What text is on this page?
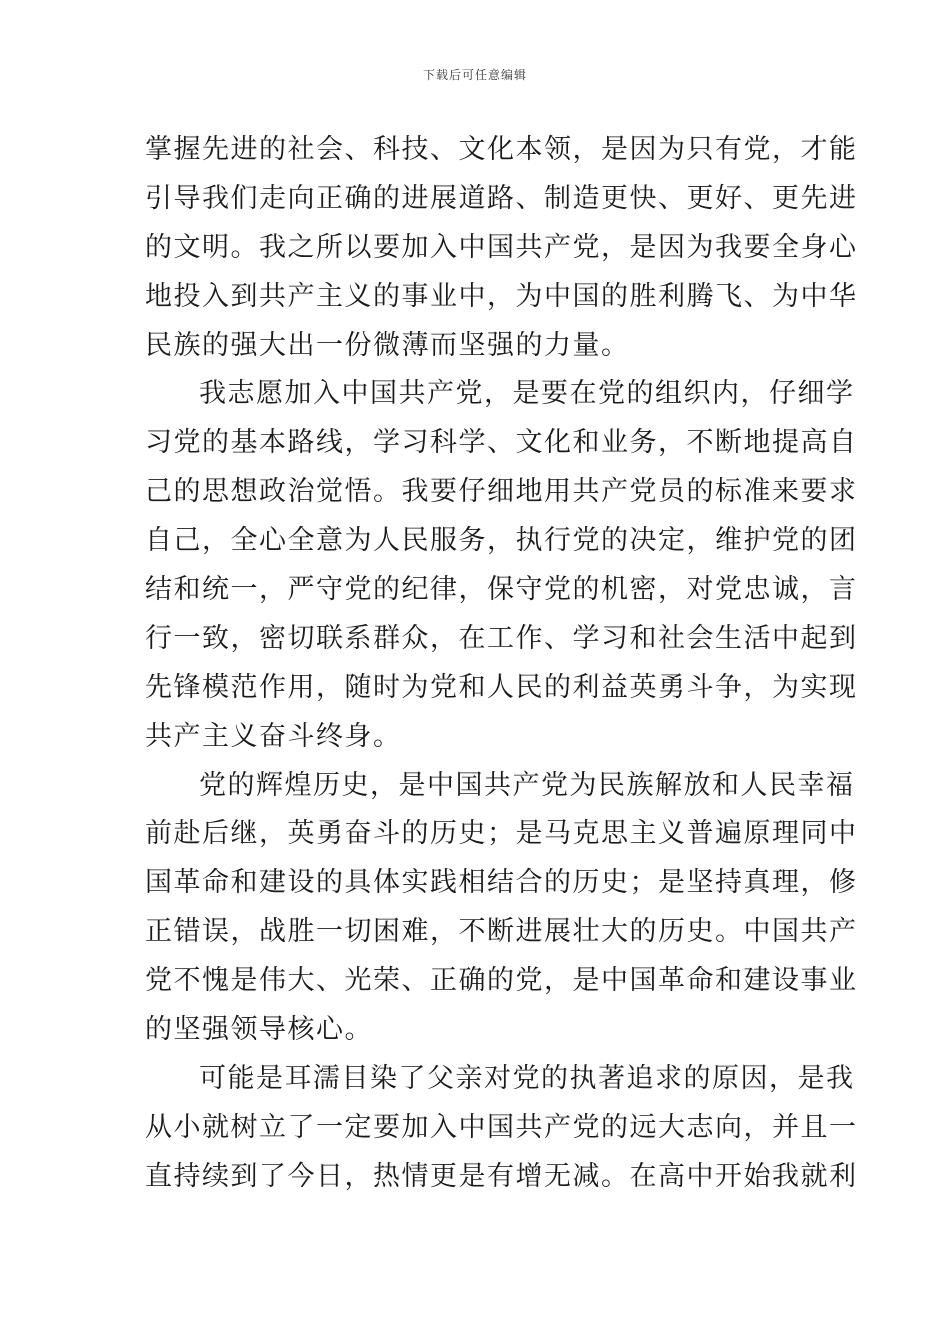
下载后可任意编辑
掌握先进的社会、科技、文化本领，是因为只有党，才能
引导我们走向正确的进展道路、制造更快、更好、更先进
的文明。我之所以要加入中国共产党，是因为我要全身心
地投入到共产主义的事业中，为中国的胜利腾飞、为中华
民族的强大出一份微薄而坚强的力量。
我志愿加入中国共产党，是要在党的组织内，仔细学
习党的基本路线，学习科学、文化和业务，不断地提高自
己的思想政治觉悟。我要仔细地用共产党员的标准来要求
自己，全心全意为人民服务，执行党的决定，维护党的团
结和统一，严守党的纪律，保守党的机密，对党忠诚，言
行一致，密切联系群众，在工作、学习和社会生活中起到
先锋模范作用，随时为党和人民的利益英勇斗争，为实现
共产主义奋斗终身。
党的辉煌历史，是中国共产党为民族解放和人民幸福
前赴后继，英勇奋斗的历史；是马克思主义普遍原理同中
国革命和建设的具体实践相结合的历史；是坚持真理，修
正错误，战胜一切困难，不断进展壮大的历史。中国共产
党不愧是伟大、光荣、正确的党，是中国革命和建设事业
的坚强领导核心。
可能是耳濡目染了父亲对党的执著追求的原因，是我
从小就树立了一定要加入中国共产党的远大志向，并且一
直持续到了今日，热情更是有增无减。在高中开始我就利
